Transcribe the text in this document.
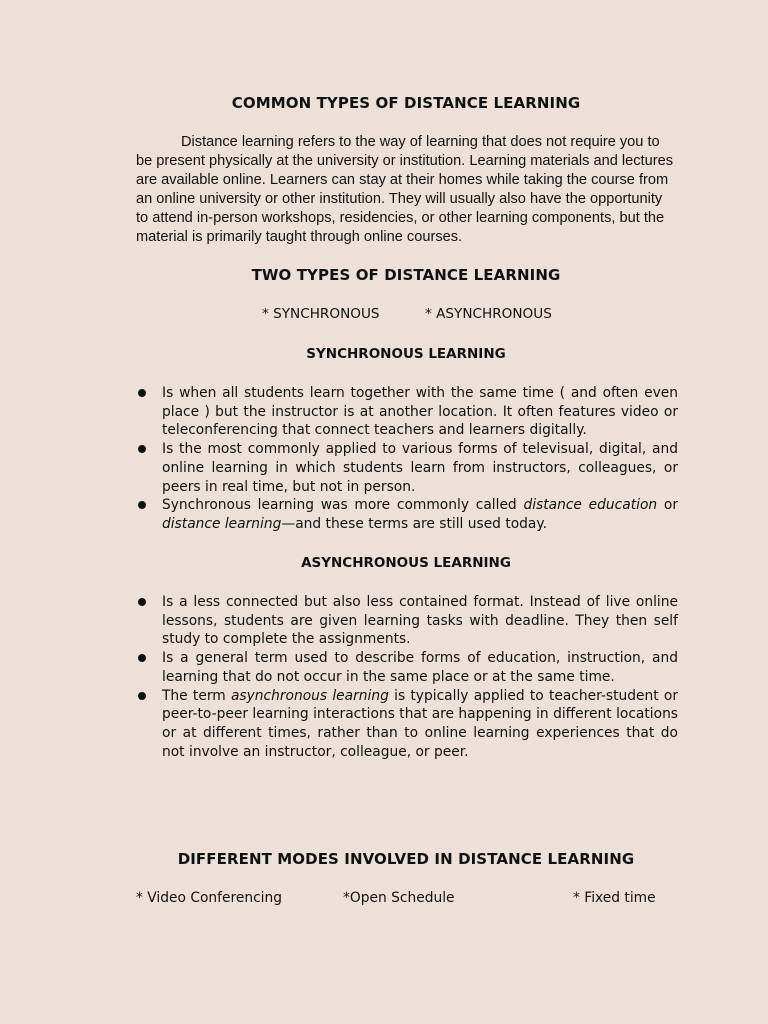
COMMON TYPES OF DISTANCE LEARNING

Distance learning refers to the way of learning that does not require you to be present physically at the university or institution. Learning materials and lectures are available online. Learners can stay at their homes while taking the course from an online university or other institution. They will usually also have the opportunity to attend in-person workshops, residencies, or other learning components, but the material is primarily taught through online courses.

TWO TYPES OF DISTANCE LEARNING
* SYNCHRONOUS	* ASYNCHRONOUS
SYNCHRONOUS LEARNING
Is when all students learn together with the same time ( and often even place ) but the instructor is at another location. It often features video or teleconferencing that connect teachers and learners digitally.
Is the most commonly applied to various forms of televisual, digital, and online learning in which students learn from instructors, colleagues, or peers in real time, but not in person.
Synchronous learning was more commonly called distance education or distance learning—and these terms are still used today.
ASYNCHRONOUS LEARNING
Is a less connected but also less contained format. Instead of live online lessons, students are given learning tasks with deadline. They then self study to complete the assignments.
Is a general term used to describe forms of education, instruction, and learning that do not occur in the same place or at the same time.
The term asynchronous learning is typically applied to teacher-student or peer-to-peer learning interactions that are happening in different locations or at different times, rather than to online learning experiences that do not involve an instructor, colleague, or peer.
DIFFERENT MODES INVOLVED IN DISTANCE LEARNING
* Video Conferencing	*Open Schedule	* Fixed time
